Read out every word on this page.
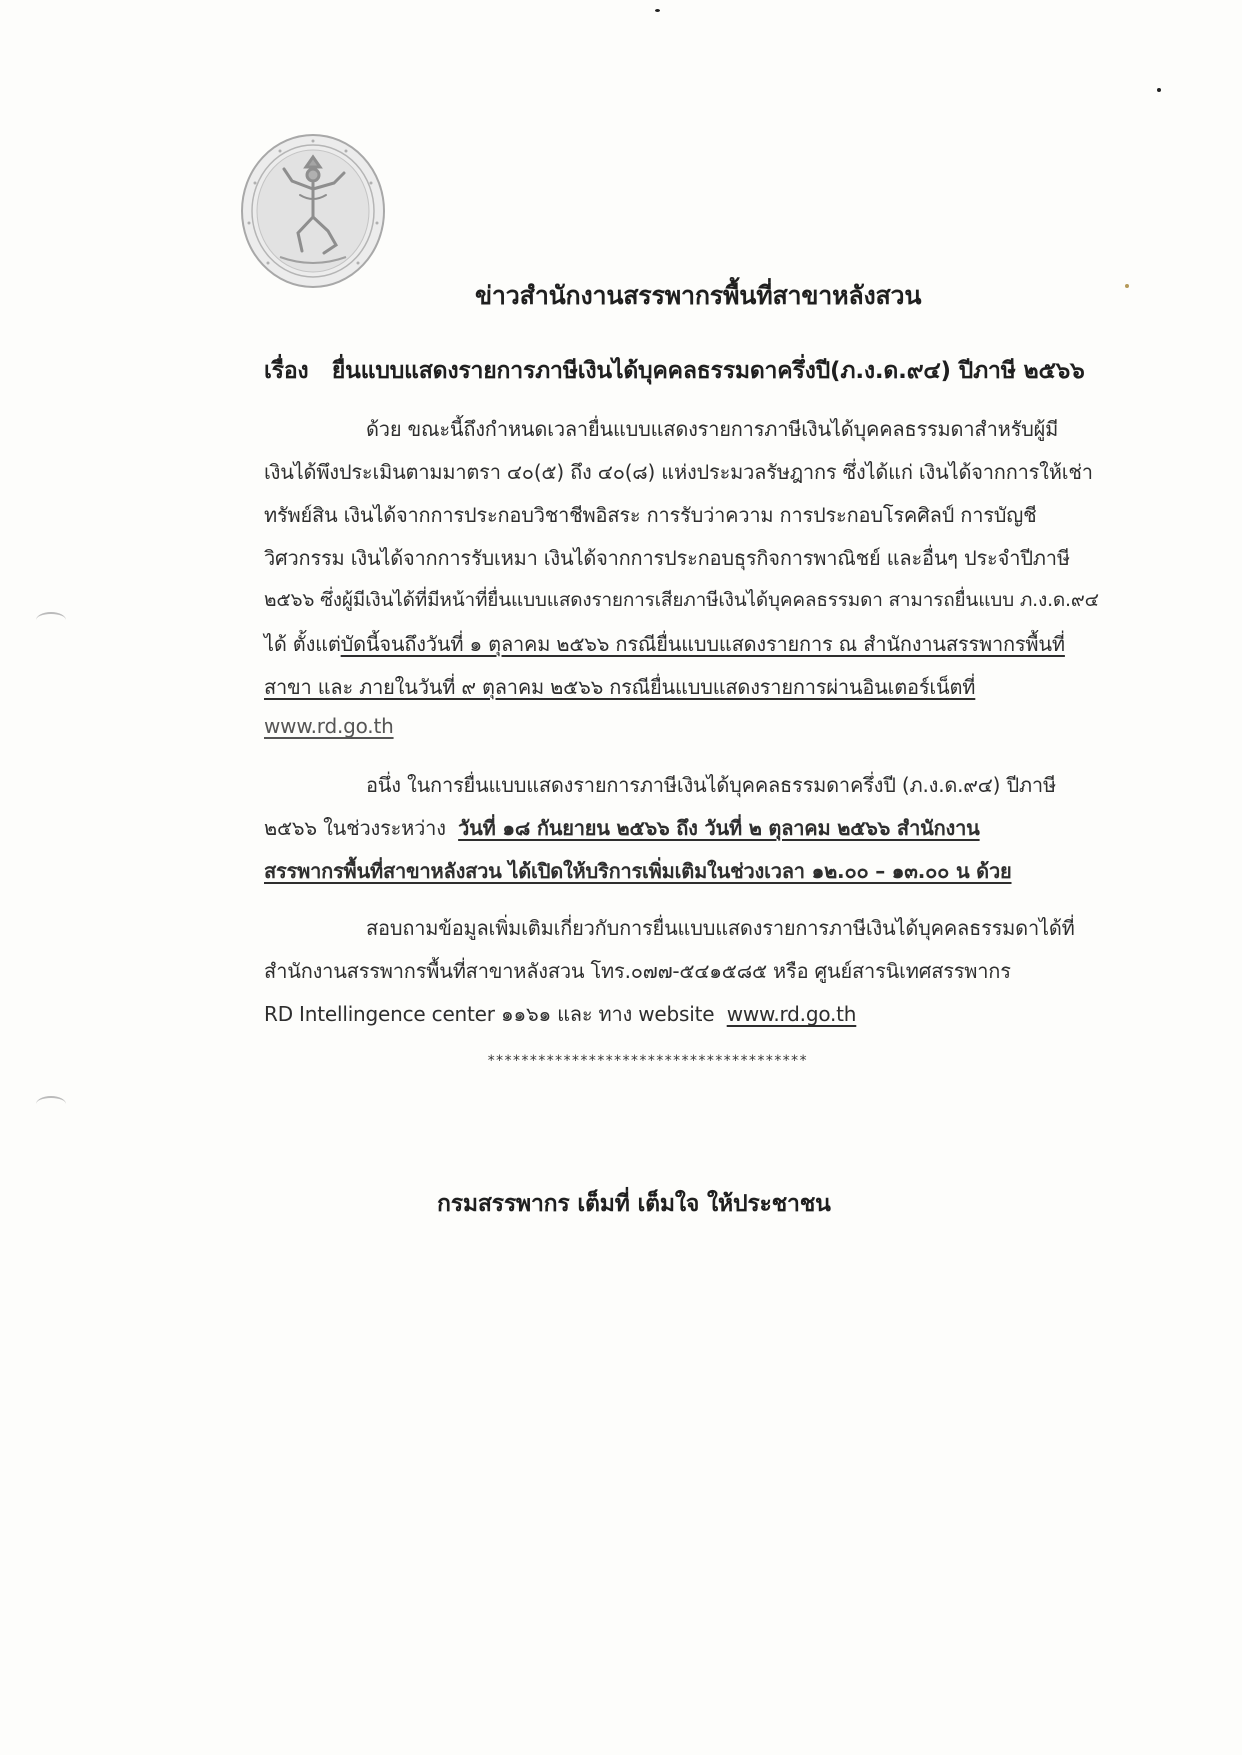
ข่าวสำนักงานสรรพากรพื้นที่สาขาหลังสวน

เรื่อง ยื่นแบบแสดงรายการภาษีเงินได้บุคคลธรรมดาครึ่งปี(ภ.ง.ด.๙๔) ปีภาษี ๒๕๖๖

ด้วย ขณะนี้ถึงกำหนดเวลายื่นแบบแสดงรายการภาษีเงินได้บุคคลธรรมดาสำหรับผู้มี

เงินได้พึงประเมินตามมาตรา ๔๐(๕) ถึง ๔๐(๘) แห่งประมวลรัษฎากร ซึ่งได้แก่ เงินได้จากการให้เช่า

ทรัพย์สิน เงินได้จากการประกอบวิชาชีพอิสระ การรับว่าความ การประกอบโรคศิลป์ การบัญชี

วิศวกรรม เงินได้จากการรับเหมา เงินได้จากการประกอบธุรกิจการพาณิชย์ และอื่นๆ ประจำปีภาษี

๒๕๖๖ ซึ่งผู้มีเงินได้ที่มีหน้าที่ยื่นแบบแสดงรายการเสียภาษีเงินได้บุคคลธรรมดา สามารถยื่นแบบ ภ.ง.ด.๙๔

ได้ ตั้งแต่บัดนี้จนถึงวันที่ ๑ ตุลาคม ๒๕๖๖ กรณียื่นแบบแสดงรายการ ณ สำนักงานสรรพากรพื้นที่

สาขา และ ภายในวันที่ ๙ ตุลาคม ๒๕๖๖ กรณียื่นแบบแสดงรายการผ่านอินเตอร์เน็ตที่

www.rd.go.th

อนึ่ง ในการยื่นแบบแสดงรายการภาษีเงินได้บุคคลธรรมดาครึ่งปี (ภ.ง.ด.๙๔) ปีภาษี

๒๕๖๖ ในช่วงระหว่าง วันที่ ๑๘ กันยายน ๒๕๖๖ ถึง วันที่ ๒ ตุลาคม ๒๕๖๖ สำนักงาน

สรรพากรพื้นที่สาขาหลังสวน ได้เปิดให้บริการเพิ่มเติมในช่วงเวลา ๑๒.๐๐ – ๑๓.๐๐ น ด้วย

สอบถามข้อมูลเพิ่มเติมเกี่ยวกับการยื่นแบบแสดงรายการภาษีเงินได้บุคคลธรรมดาได้ที่

สำนักงานสรรพากรพื้นที่สาขาหลังสวน โทร.๐๗๗-๕๔๑๕๘๕ หรือ ศูนย์สารนิเทศสรรพากร

RD Intellingence center ๑๑๖๑ และ ทาง website www.rd.go.th

**************************************

กรมสรรพากร เต็มที่ เต็มใจ ให้ประชาชน
